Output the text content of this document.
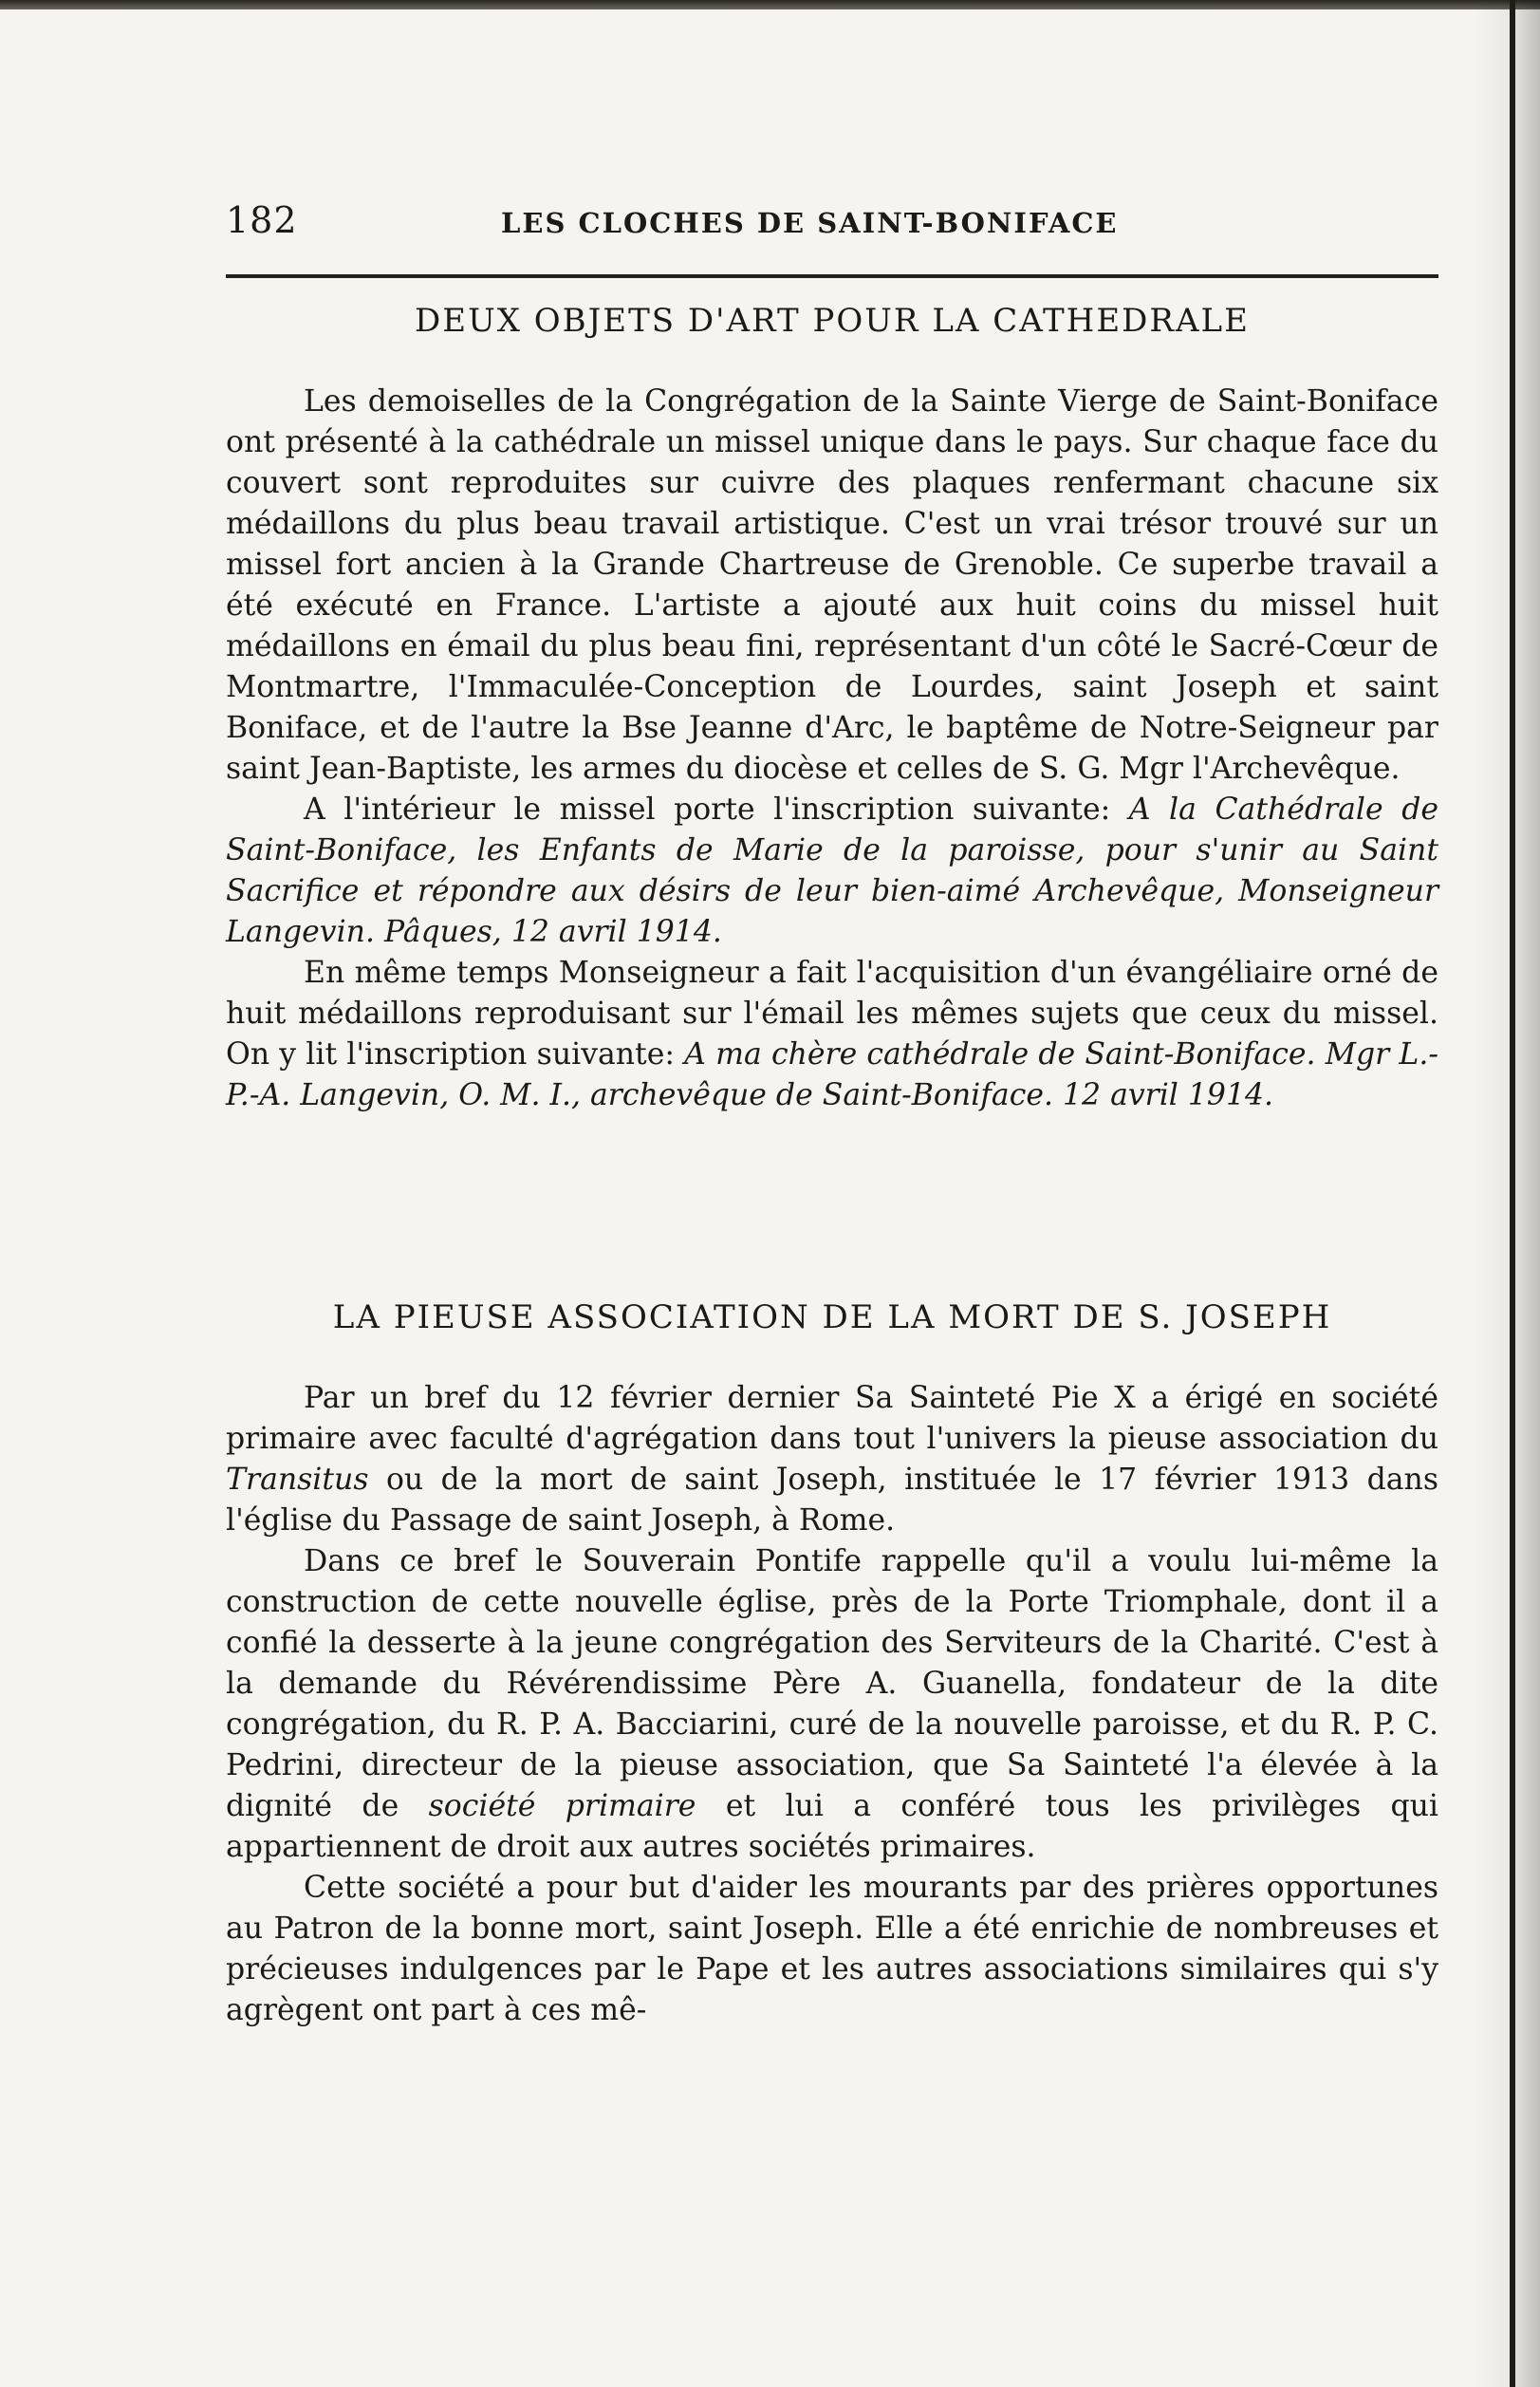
182	LES CLOCHES DE SAINT-BONIFACE
DEUX OBJETS D'ART POUR LA CATHEDRALE

Les demoiselles de la Congrégation de la Sainte Vierge de Saint-Boniface ont présenté à la cathédrale un missel unique dans le pays. Sur chaque face du couvert sont reproduites sur cuivre des plaques renfermant chacune six médaillons du plus beau travail artistique. C'est un vrai trésor trouvé sur un missel fort ancien à la Grande Chartreuse de Grenoble. Ce superbe travail a été exécuté en France. L'artiste a ajouté aux huit coins du missel huit médaillons en émail du plus beau fini, représentant d'un côté le Sacré-Cœur de Montmartre, l'Immaculée-Conception de Lourdes, saint Joseph et saint Boniface, et de l'autre la Bse Jeanne d'Arc, le baptême de Notre-Seigneur par saint Jean-Baptiste, les armes du diocèse et celles de S. G. Mgr l'Archevêque.

A l'intérieur le missel porte l'inscription suivante: A la Cathédrale de Saint-Boniface, les Enfants de Marie de la paroisse, pour s'unir au Saint Sacrifice et répondre aux désirs de leur bien-aimé Archevêque, Monseigneur Langevin. Pâques, 12 avril 1914.

En même temps Monseigneur a fait l'acquisition d'un évangéliaire orné de huit médaillons reproduisant sur l'émail les mêmes sujets que ceux du missel. On y lit l'inscription suivante: A ma chère cathédrale de Saint-Boniface. Mgr L.-P.-A. Langevin, O. M. I., archevêque de Saint-Boniface. 12 avril 1914.

LA PIEUSE ASSOCIATION DE LA MORT DE S. JOSEPH

Par un bref du 12 février dernier Sa Sainteté Pie X a érigé en société primaire avec faculté d'agrégation dans tout l'univers la pieuse association du Transitus ou de la mort de saint Joseph, instituée le 17 février 1913 dans l'église du Passage de saint Joseph, à Rome.

Dans ce bref le Souverain Pontife rappelle qu'il a voulu lui-même la construction de cette nouvelle église, près de la Porte Triomphale, dont il a confié la desserte à la jeune congrégation des Serviteurs de la Charité. C'est à la demande du Révérendissime Père A. Guanella, fondateur de la dite congrégation, du R. P. A. Bacciarini, curé de la nouvelle paroisse, et du R. P. C. Pedrini, directeur de la pieuse association, que Sa Sainteté l'a élevée à la dignité de société primaire et lui a conféré tous les privilèges qui appartiennent de droit aux autres sociétés primaires.

Cette société a pour but d'aider les mourants par des prières opportunes au Patron de la bonne mort, saint Joseph. Elle a été enrichie de nombreuses et précieuses indulgences par le Pape et les autres associations similaires qui s'y agrègent ont part à ces mê-
